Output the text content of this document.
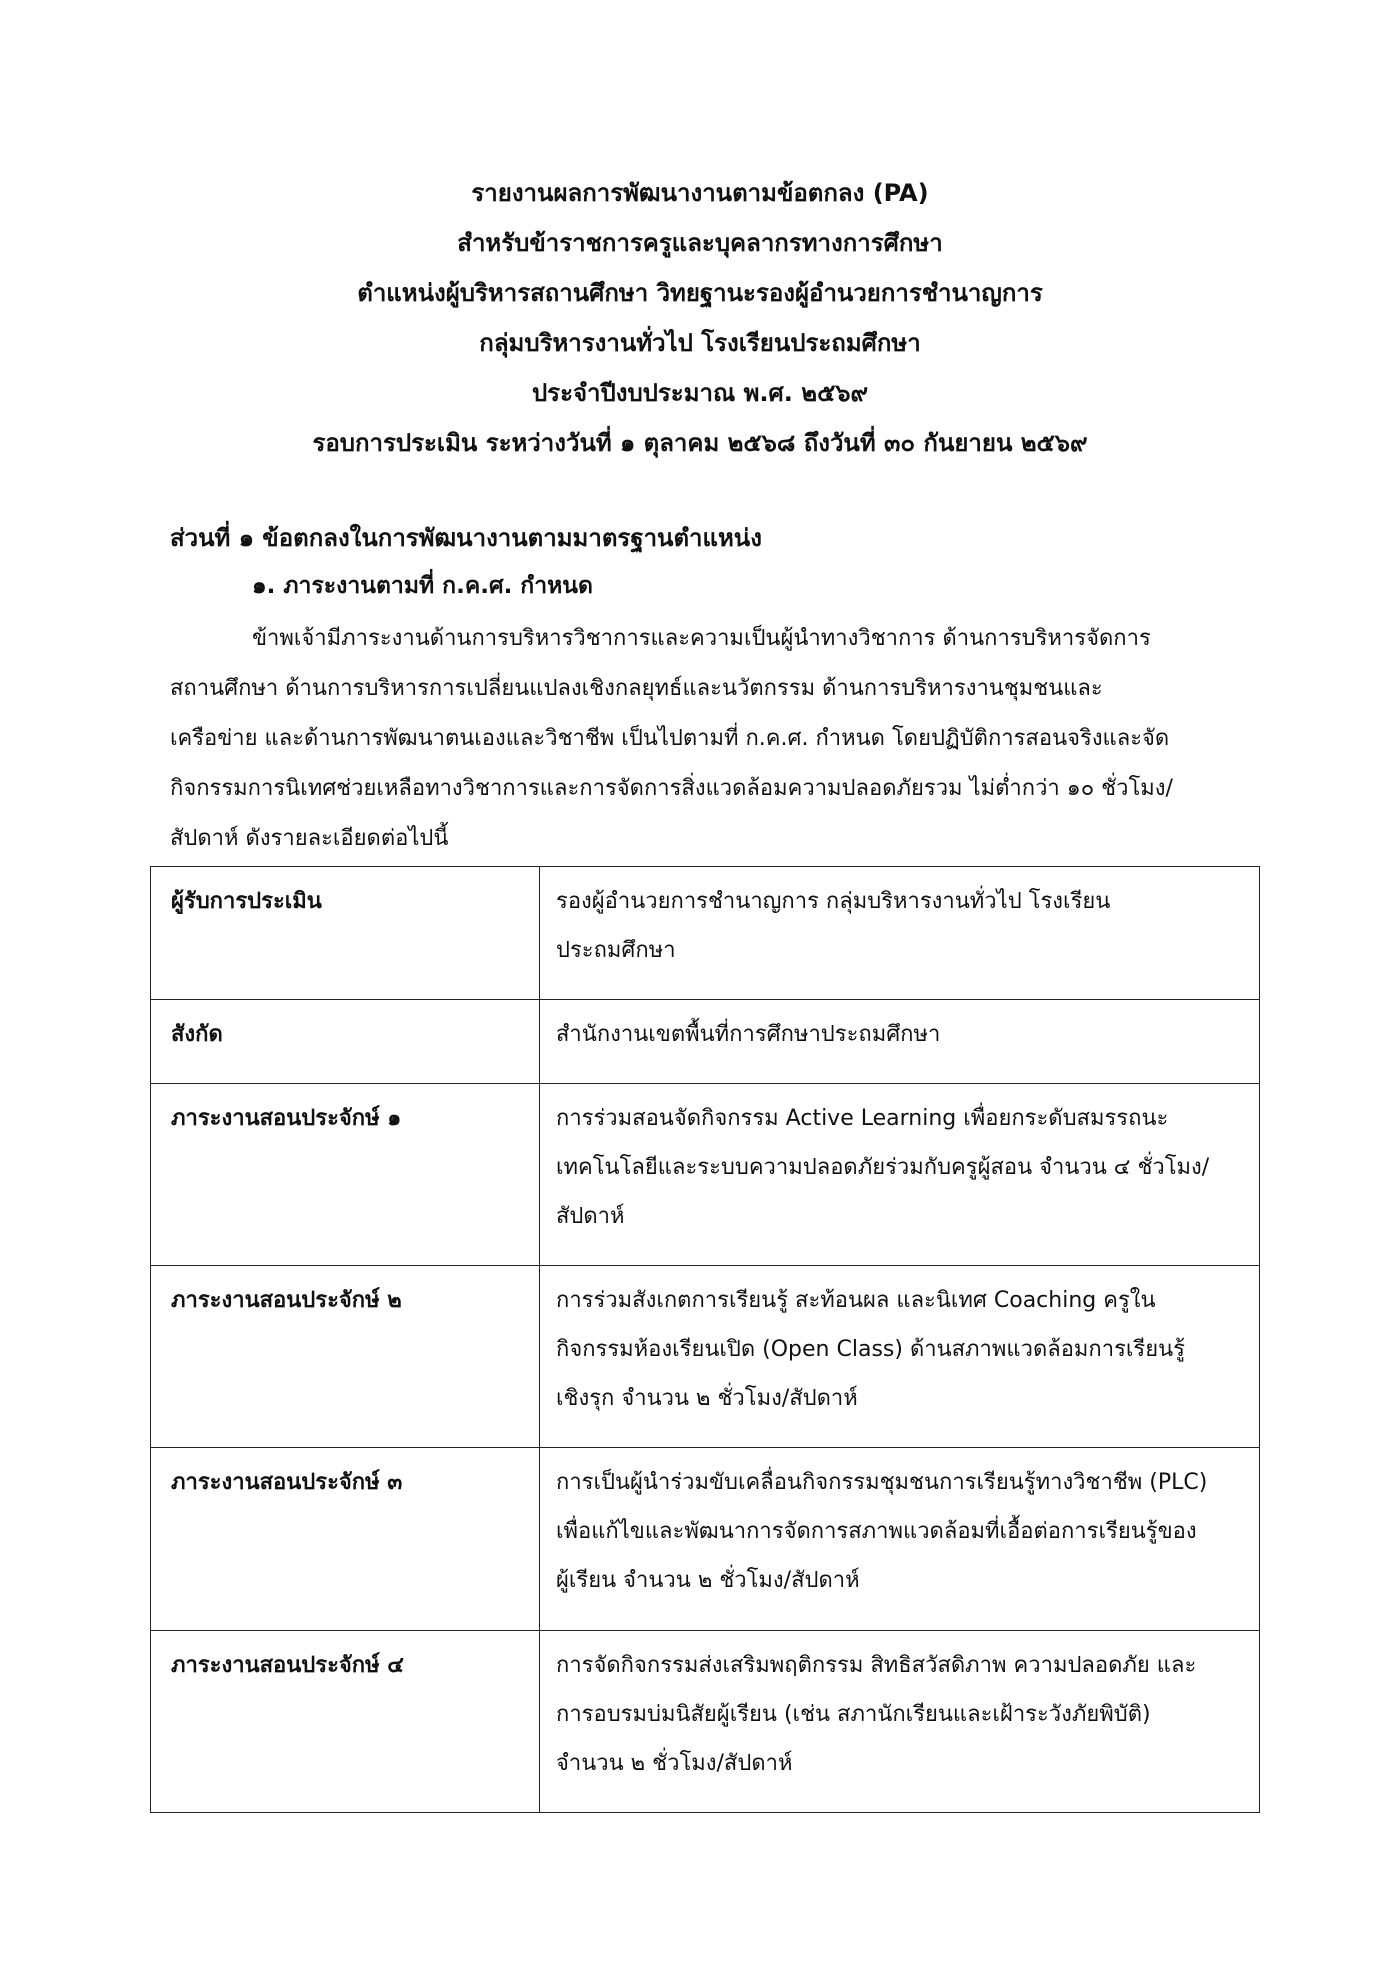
รายงานผลการพัฒนางานตามข้อตกลง (PA)
สำหรับข้าราชการครูและบุคลากรทางการศึกษา
ตำแหน่งผู้บริหารสถานศึกษา วิทยฐานะรองผู้อำนวยการชำนาญการ
กลุ่มบริหารงานทั่วไป โรงเรียนประถมศึกษา
ประจำปีงบประมาณ พ.ศ. ๒๕๖๙
รอบการประเมิน ระหว่างวันที่ ๑ ตุลาคม ๒๕๖๘ ถึงวันที่ ๓๐ กันยายน ๒๕๖๙
ส่วนที่ ๑ ข้อตกลงในการพัฒนางานตามมาตรฐานตำแหน่ง
๑. ภาระงานตามที่ ก.ค.ศ. กำหนด
ข้าพเจ้ามีภาระงานด้านการบริหารวิชาการและความเป็นผู้นำทางวิชาการ ด้านการบริหารจัดการ
สถานศึกษา ด้านการบริหารการเปลี่ยนแปลงเชิงกลยุทธ์และนวัตกรรม ด้านการบริหารงานชุมชนและ
เครือข่าย และด้านการพัฒนาตนเองและวิชาชีพ เป็นไปตามที่ ก.ค.ศ. กำหนด โดยปฏิบัติการสอนจริงและจัด
กิจกรรมการนิเทศช่วยเหลือทางวิชาการและการจัดการสิ่งแวดล้อมความปลอดภัยรวม ไม่ต่ำกว่า ๑๐ ชั่วโมง/
สัปดาห์ ดังรายละเอียดต่อไปนี้
ผู้รับการประเมิน	รองผู้อำนวยการชำนาญการ กลุ่มบริหารงานทั่วไป โรงเรียน
ประถมศึกษา

สังกัด	สำนักงานเขตพื้นที่การศึกษาประถมศึกษา

ภาระงานสอนประจักษ์ ๑	การร่วมสอนจัดกิจกรรม Active Learning เพื่อยกระดับสมรรถนะ
เทคโนโลยีและระบบความปลอดภัยร่วมกับครูผู้สอน จำนวน ๔ ชั่วโมง/
สัปดาห์

ภาระงานสอนประจักษ์ ๒	การร่วมสังเกตการเรียนรู้ สะท้อนผล และนิเทศ Coaching ครูใน
กิจกรรมห้องเรียนเปิด (Open Class) ด้านสภาพแวดล้อมการเรียนรู้
เชิงรุก จำนวน ๒ ชั่วโมง/สัปดาห์

ภาระงานสอนประจักษ์ ๓	การเป็นผู้นำร่วมขับเคลื่อนกิจกรรมชุมชนการเรียนรู้ทางวิชาชีพ (PLC)
เพื่อแก้ไขและพัฒนาการจัดการสภาพแวดล้อมที่เอื้อต่อการเรียนรู้ของ
ผู้เรียน จำนวน ๒ ชั่วโมง/สัปดาห์

ภาระงานสอนประจักษ์ ๔	การจัดกิจกรรมส่งเสริมพฤติกรรม สิทธิสวัสดิภาพ ความปลอดภัย และ
การอบรมบ่มนิสัยผู้เรียน (เช่น สภานักเรียนและเฝ้าระวังภัยพิบัติ)
จำนวน ๒ ชั่วโมง/สัปดาห์
